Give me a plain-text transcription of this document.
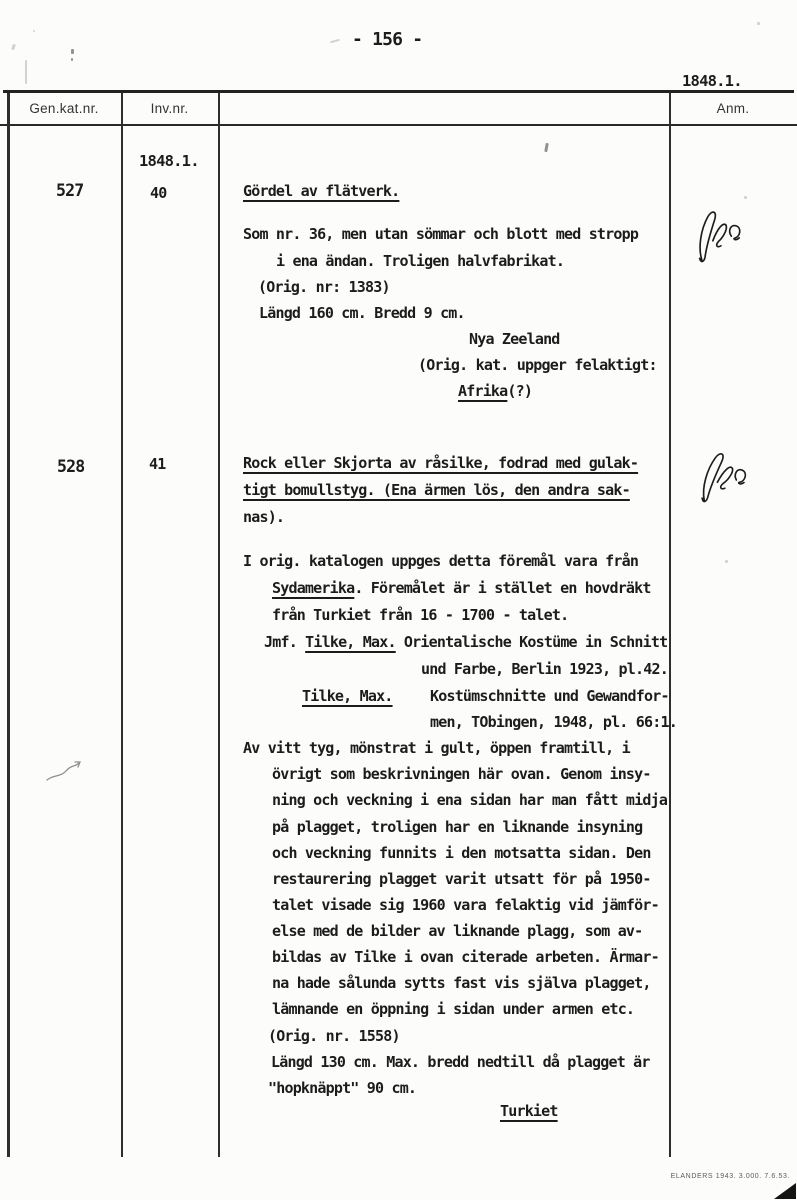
- 156 -
1848.1.
Gen.kat.nr.	Inv.nr.	Anm.
1848.1.
527	40	Gördel av flätverk.
Som nr. 36, men utan sömmar och blott med stropp
i ena ändan. Troligen halvfabrikat.
(Orig. nr: 1383)
Längd 160 cm. Bredd 9 cm.
Nya Zeeland
(Orig. kat. uppger felaktigt:
Afrika(?)
528	41	Rock eller Skjorta av råsilke, fodrad med gulak-
tigt bomullstyg. (Ena ärmen lös, den andra sak-
nas).
I orig. katalogen uppges detta föremål vara från
Sydamerika. Föremålet är i stället en hovdräkt
från Turkiet från 16 - 1700 - talet.
Jmf. Tilke, Max. Orientalische Kostüme in Schnitt
und Farbe, Berlin 1923, pl.42.
Tilke, Max. Kostümschnitte und Gewandfor-
men, TObingen, 1948, pl. 66:1.
Av vitt tyg, mönstrat i gult, öppen framtill, i
övrigt som beskrivningen här ovan. Genom insy-
ning och veckning i ena sidan har man fått midja
på plagget, troligen har en liknande insyning
och veckning funnits i den motsatta sidan. Den
restaurering plagget varit utsatt för på 1950-
talet visade sig 1960 vara felaktig vid jämför-
else med de bilder av liknande plagg, som av-
bildas av Tilke i ovan citerade arbeten. Ärmar-
na hade sålunda sytts fast vis själva plagget,
lämnande en öppning i sidan under armen etc.
(Orig. nr. 1558)
Längd 130 cm. Max. bredd nedtill då plagget är
"hopknäppt" 90 cm.
Turkiet
ELANDERS 1943. 3.000. 7.6.53.
